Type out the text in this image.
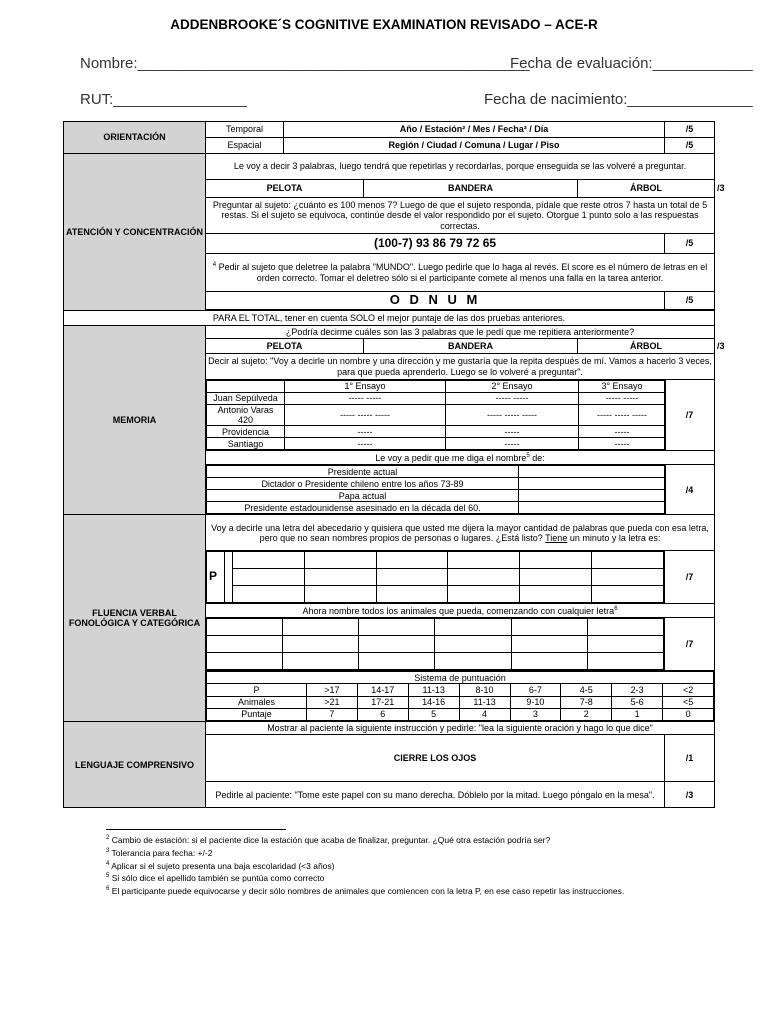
ADDENBROOKE´S COGNITIVE EXAMINATION REVISADO – ACE-R
Nombre:_______________________________________________
Fecha de evaluación:____________
RUT:________________	Fecha de nacimiento:_______________
ORIENTACIÓN	Temporal	Año / Estación² / Mes / Fecha³ / Día	/5
Espacial	Región / Ciudad / Comuna / Lugar / Piso	/5
ATENCIÓN Y CONCENTRACIÓN	Le voy a decir 3 palabras, luego tendrá que repetirlas y recordarlas, porque enseguida se las volveré a preguntar.
PELOTA	BANDERA	ÁRBOL	/3
Preguntar al sujeto: ¿cuánto es 100 menos 7? Luego de que el sujeto responda, pídale que reste otros 7 hasta un total de 5 restas. Si el sujeto se equivoca, continúe desde el valor respondido por el sujeto. Otorgue 1 punto solo a las respuestas correctas.
(100-7) 93 86 79 72 65	/5
$^4$ Pedir al sujeto que deletree la palabra "MUNDO". Luego pedirle que lo haga al revés. El score es el número de letras en el orden correcto. Tomar el deletreo sólo si el participante comete al menos una falla en la tarea anterior.
O D N U M	/5

PARA EL TOTAL, tener en cuenta SOLO el mejor puntaje de las dos pruebas anteriores.
MEMORIA	¿Podría decirme cuáles son las 3 palabras que le pedí que me repitiera anteriormente?
PELOTA	BANDERA	ÁRBOL	/3
Decir al sujeto: "Voy a decirle un nombre y una dirección y me gustaría que la repita después de mí. Vamos a hacerlo 3 veces, para que pueda aprenderlo. Luego se lo volveré a preguntar".

	1° Ensayo	2° Ensayo	3° Ensayo
Juan Sepúlveda	----- -----	----- -----	----- -----
Antonio Varas 420	----- ----- -----	----- ----- -----	----- ----- -----
Providencia	-----	-----	-----
Santiago	-----	-----	-----
	/7
Le voy a pedir que me diga el nombre$^5$ de:

Presidente actual	
Dictador o Presidente chileno entre los años 73-89	
Papa actual	
Presidente estadounidense asesinado en la década del 60.	
	/4
FLUENCIA VERBAL FONOLÓGICA Y CATEGÓRICA	Voy a decirle una letra del abecedario y quisiera que usted me dijera la mayor cantidad de palabras que pueda con esa letra, pero que no sean nombres propios de personas o lugares. ¿Está listo? Tiene un minuto y la letra es:

P							

		/7
Ahora nombre todos los animales que pueda, comenzando con cualquier letra$^6$

	/7

Sistema de puntuación
P	>17	14-17	11-13	8-10	6-7	4-5	2-3	<2
Animales	>21	17-21	14-16	11-13	9-10	7-8	5-6	<5
Puntaje	7	6	5	4	3	2	1	0

LENGUAJE COMPRENSIVO	Mostrar al paciente la siguiente instrucción y pedirle: "lea la siguiente oración y hago lo que dice"
CIERRE LOS OJOS	/1
Pedirle al paciente: "Tome este papel con su mano derecha. Dóblelo por la mitad. Luego póngalo en la mesa".	/3
$^2$ Cambio de estación: si el paciente dice la estación que acaba de finalizar, preguntar. ¿Qué otra estación podría ser?
$^3$ Tolerancia para fecha: +/-2
$^4$ Aplicar si el sujeto presenta una baja escolaridad (<3 años)
$^5$ Si sólo dice el apellido también se puntúa como correcto
$^6$ El participante puede equivocarse y decir sólo nombres de animales que comiencen con la letra P, en ese caso repetir las instrucciones.
